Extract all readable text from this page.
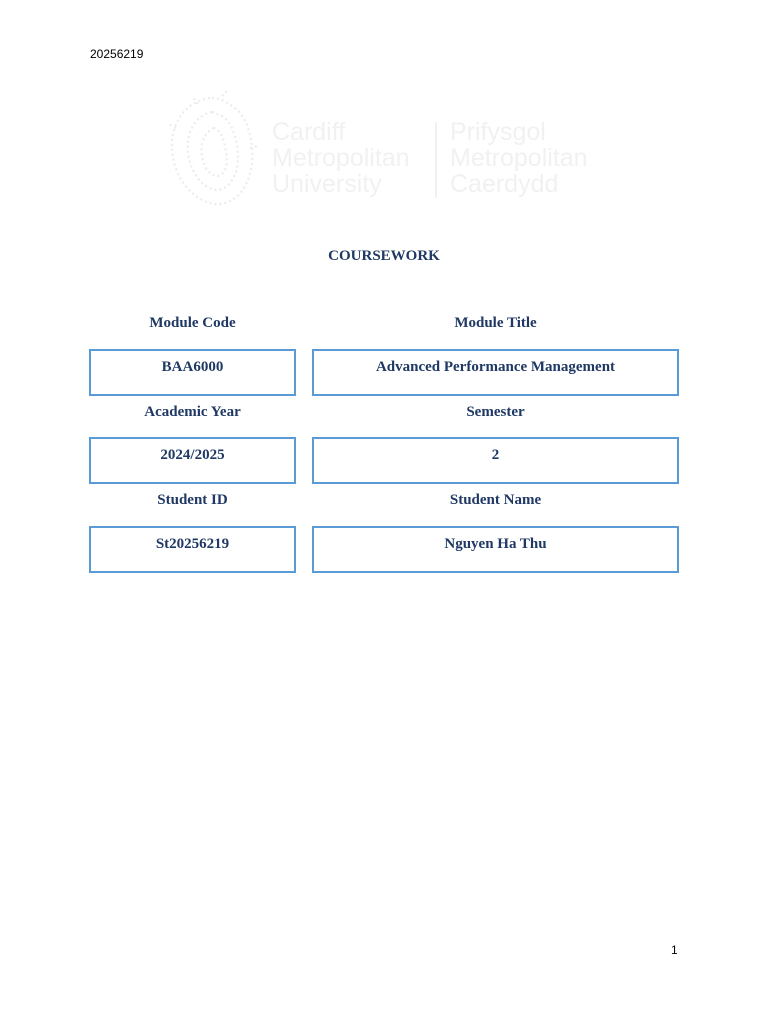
20256219
Cardiff
Metropolitan
University
Prifysgol
Metropolitan
Caerdydd
COURSEWORK
Module Code	Module Title
BAA6000	Advanced Performance Management
Academic Year	Semester
2024/2025	2
Student ID	Student Name
St20256219	Nguyen Ha Thu
1
